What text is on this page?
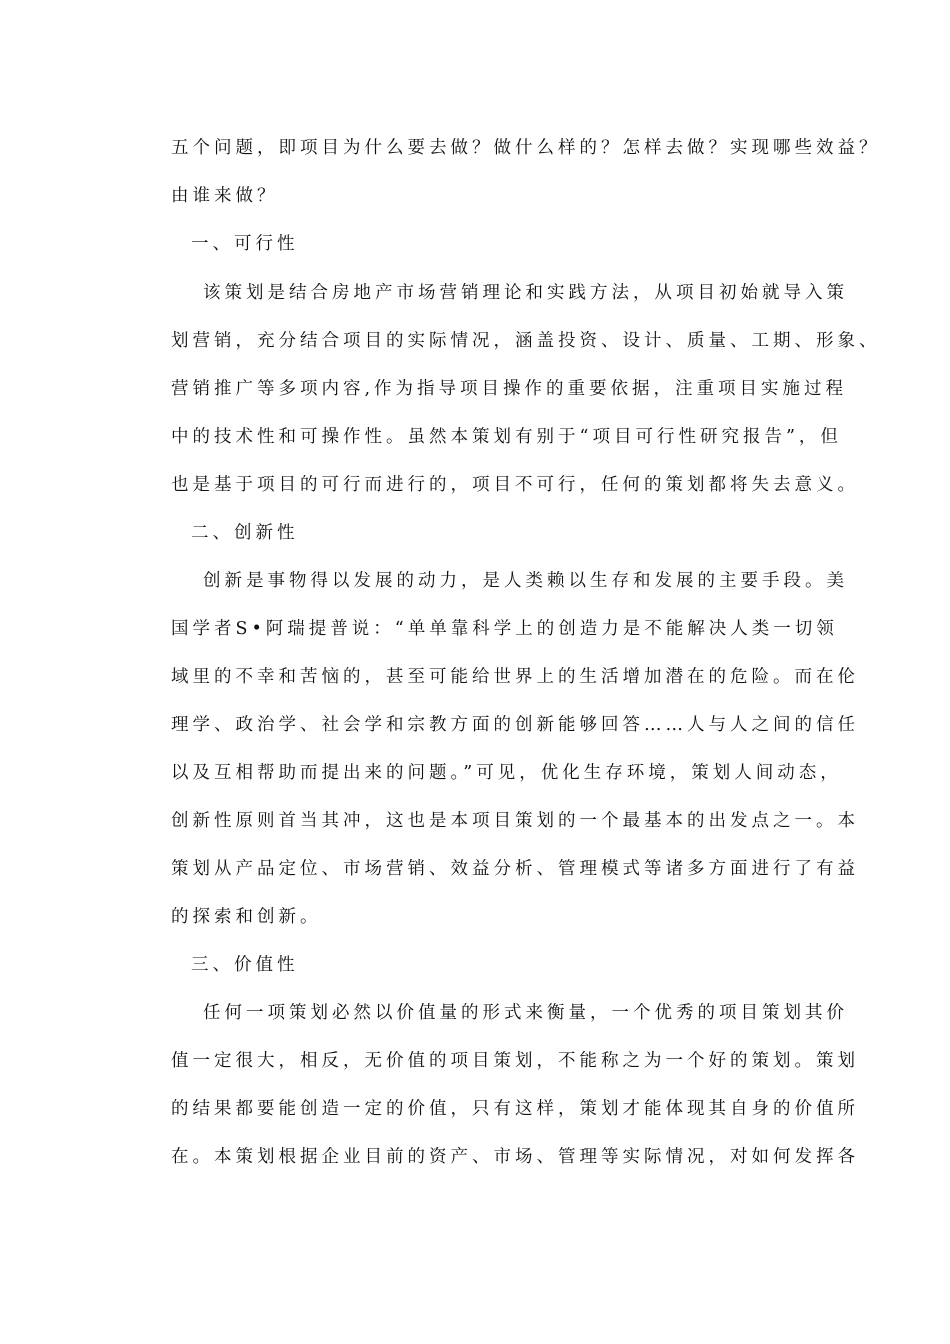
五个问题，即项目为什么要去做？做什么样的？怎样去做？实现哪些效益？
由谁来做？
一、可行性
该策划是结合房地产市场营销理论和实践方法，从项目初始就导入策
划营销，充分结合项目的实际情况，涵盖投资、设计、质量、工期、形象、
营销推广等多项内容,作为指导项目操作的重要依据，注重项目实施过程
中的技术性和可操作性。虽然本策划有别于“项目可行性研究报告”，但
也是基于项目的可行而进行的，项目不可行，任何的策划都将失去意义。
二、创新性
创新是事物得以发展的动力，是人类赖以生存和发展的主要手段。美
国学者S•阿瑞提普说：“单单靠科学上的创造力是不能解决人类一切领
域里的不幸和苦恼的，甚至可能给世界上的生活增加潜在的危险。而在伦
理学、政治学、社会学和宗教方面的创新能够回答……人与人之间的信任
以及互相帮助而提出来的问题。”可见，优化生存环境，策划人间动态，
创新性原则首当其冲，这也是本项目策划的一个最基本的出发点之一。本
策划从产品定位、市场营销、效益分析、管理模式等诸多方面进行了有益
的探索和创新。
三、价值性
任何一项策划必然以价值量的形式来衡量，一个优秀的项目策划其价
值一定很大，相反，无价值的项目策划，不能称之为一个好的策划。策划
的结果都要能创造一定的价值，只有这样，策划才能体现其自身的价值所
在。本策划根据企业目前的资产、市场、管理等实际情况，对如何发挥各
